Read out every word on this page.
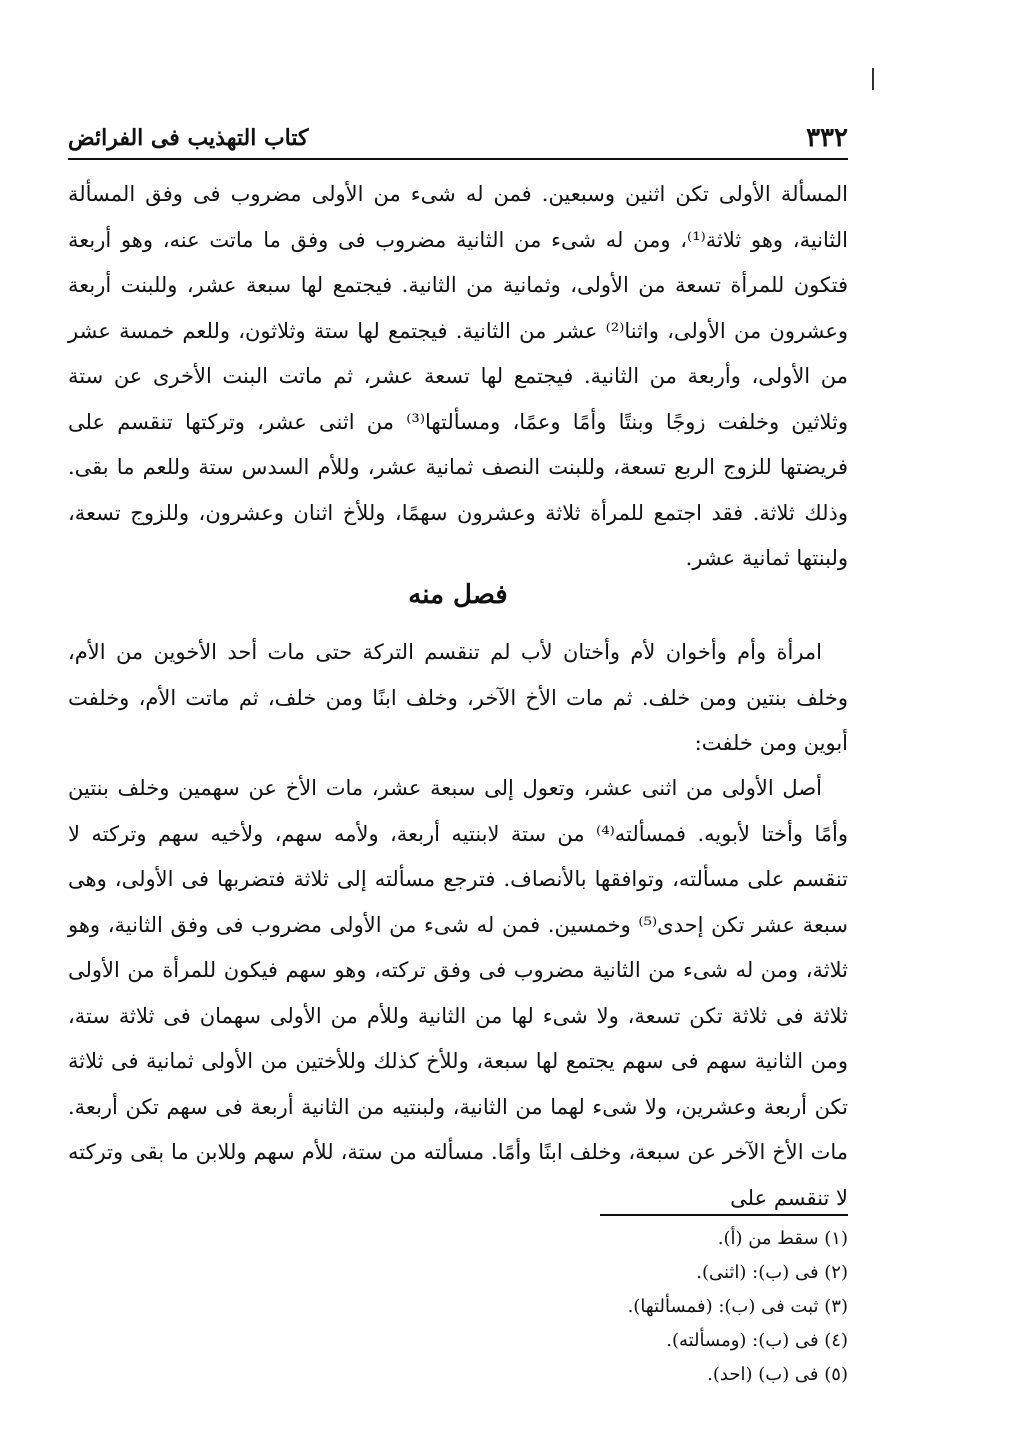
٣٣٢
كتاب التهذيب فى الفرائض

المسألة الأولى تكن اثنين وسبعين. فمن له شىء من الأولى مضروب فى وفق المسألة الثانية، وهو ثلاثة⁽¹⁾، ومن له شىء من الثانية مضروب فى وفق ما ماتت عنه، وهو أربعة فتكون للمرأة تسعة من الأولى، وثمانية من الثانية. فيجتمع لها سبعة عشر، وللبنت أربعة وعشرون من الأولى، واثنا⁽²⁾ عشر من الثانية. فيجتمع لها ستة وثلاثون، وللعم خمسة عشر من الأولى، وأربعة من الثانية. فيجتمع لها تسعة عشر، ثم ماتت البنت الأخرى عن ستة وثلاثين وخلفت زوجًا وبنتًا وأمًا وعمًا، ومسألتها⁽³⁾ من اثنى عشر، وتركتها تنقسم على فريضتها للزوج الربع تسعة، وللبنت النصف ثمانية عشر، وللأم السدس ستة وللعم ما بقى. وذلك ثلاثة. فقد اجتمع للمرأة ثلاثة وعشرون سهمًا، وللأخ اثنان وعشرون، وللزوج تسعة، ولبنتها ثمانية عشر.

فصل منه
امرأة وأم وأخوان لأم وأختان لأب لم تنقسم التركة حتى مات أحد الأخوين من الأم، وخلف بنتين ومن خلف. ثم مات الأخ الآخر، وخلف ابنًا ومن خلف، ثم ماتت الأم، وخلفت أبوين ومن خلفت:
أصل الأولى من اثنى عشر، وتعول إلى سبعة عشر، مات الأخ عن سهمين وخلف بنتين وأمًا وأختا لأبويه. فمسألته⁽⁴⁾ من ستة لابنتيه أربعة، ولأمه سهم، ولأخيه سهم وتركته لا تنقسم على مسألته، وتوافقها بالأنصاف. فترجع مسألته إلى ثلاثة فتضربها فى الأولى، وهى سبعة عشر تكن إحدى⁽⁵⁾ وخمسين. فمن له شىء من الأولى مضروب فى وفق الثانية، وهو ثلاثة، ومن له شىء من الثانية مضروب فى وفق تركته، وهو سهم فيكون للمرأة من الأولى ثلاثة فى ثلاثة تكن تسعة، ولا شىء لها من الثانية وللأم من الأولى سهمان فى ثلاثة ستة، ومن الثانية سهم فى سهم يجتمع لها سبعة، وللأخ كذلك وللأختين من الأولى ثمانية فى ثلاثة تكن أربعة وعشرين، ولا شىء لهما من الثانية، ولبنتيه من الثانية أربعة فى سهم تكن أربعة. مات الأخ الآخر عن سبعة، وخلف ابنًا وأمًا. مسألته من ستة، للأم سهم وللابن ما بقى وتركته لا تنقسم على
(١) سقط من (أ).
(٢) فى (ب): (اثنى).
(٣) ثبت فى (ب): (فمسألتها).
(٤) فى (ب): (ومسألته).
(٥) فى (ب) (احد).
